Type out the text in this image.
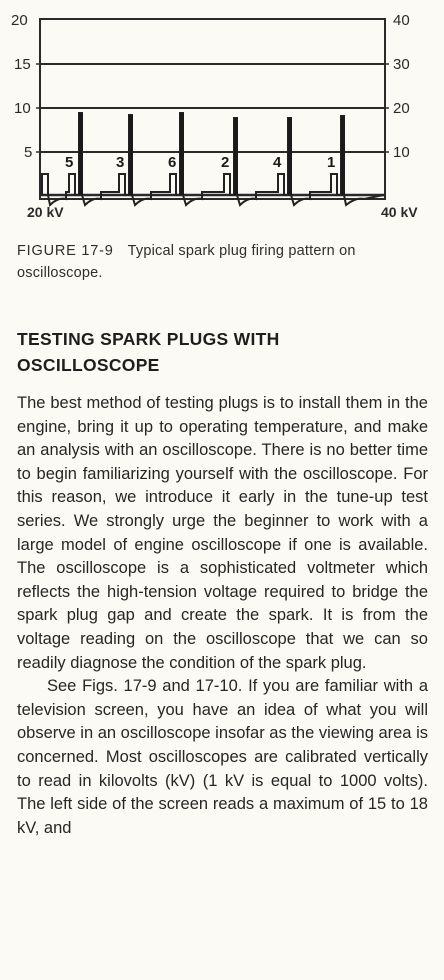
20
15
10
5
20 kV
40
30
20
10
40 kV
5	3	6	2	4	1

FIGURE 17-9 Typical spark plug firing pattern on oscilloscope.

TESTING SPARK PLUGS WITH OSCILLOSCOPE

The best method of testing plugs is to install them in the engine, bring it up to operating temperature, and make an analysis with an oscilloscope. There is no better time to begin familiarizing yourself with the oscilloscope. For this reason, we introduce it early in the tune-up test series. We strongly urge the beginner to work with a large model of engine oscilloscope if one is available. The oscilloscope is a sophisticated voltmeter which reflects the high-tension voltage required to bridge the spark plug gap and create the spark. It is from the voltage reading on the oscilloscope that we can so readily diagnose the condition of the spark plug.

See Figs. 17-9 and 17-10. If you are familiar with a television screen, you have an idea of what you will observe in an oscilloscope insofar as the viewing area is concerned. Most oscilloscopes are calibrated vertically to read in kilovolts (kV) (1 kV is equal to 1000 volts). The left side of the screen reads a maximum of 15 to 18 kV, and
